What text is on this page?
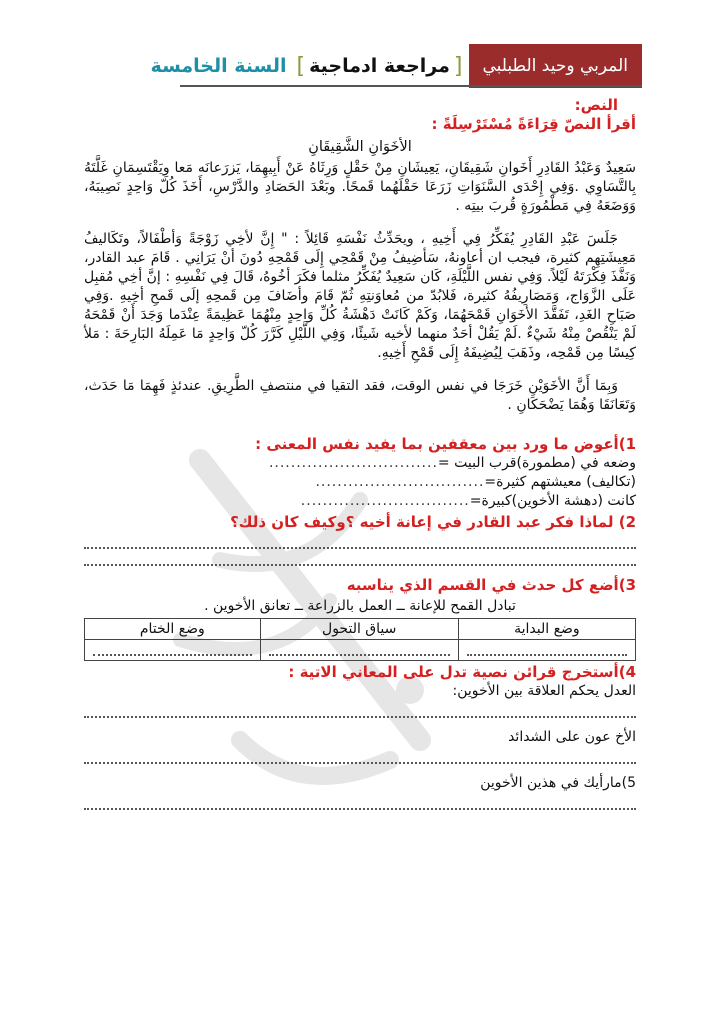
المربي وحيد الطبلبي
[
مراجعة ادماجية
]
السنة الخامسة
النص:
أقرأ النصّ قِرَاءَةً مُسْتَرْسِلَةً :
الأخَوَانِ الشَّقِيقَانِ
سَعِيدٌ وَعَبْدُ القَادِرِ أَخَوانِ شَقِيقَانِ، يَعِيشَانِ مِنْ حَقْلٍ وَرِثَاهُ عَنْ أَبِيهِمَا، يَزرَعانَه مَعا وِيَقْتَسِمَانِ غَلَّتَهُ بِالتَّسَاوِي .وَفِي إِحْدَى السَّنَوَاتِ زَرَعَا حَقْلَهُما قَمحًا. وبَعْدَ الحَصَادِ والدَّرْسِ، أَخَذَ كُلّ وَاحِدٍ نَصِيبَهُ، وَوَضَعَهُ فِي مَطْمُورَةٍ قُربَ بيتِه .
جَلَسَ عَبْدِ القَادِرِ يُفَكِّرُ فِي أَخِيهِ ، ويحَدِّثُ نَفْسَهِ قَائِلاً : " إِنَّ لأخِي زَوْجَةً وَأطْفَالاً، وتَكَاليفُ مَعِيشَتِهِم كثيرة، فيجب ان أعاونهُ، سَأضِيفُ مِنْ قَمْحِي إِلَى قَمْحِهِ دُونَ أنْ يَرَانِي . قَامَ عبد القادر، وَنَفَّذَ فِكْرَتَهُ لَيْلاً. وَفِي نفس اللَّيْلَةِ، كَان سَعِيدٌ يُفَكِّرُ مثلما فكَرَ أخُوهُ، قَالَ فِي نَفْسِهِ : إنَّ أخِي مُقبِل عَلَى الزَّوَاج، وَمَصَارِيفُهُ كثيرة، فَلابُدّ من مُعاوَنتِهِ ثُمّ قَامَ وأضَافَ مِن قَمحِهِ إلَى قَمحِ أخِيهِ .وَفِي صَبَاحِ الغَدِ، تَفَقَّدَ الأخَوَانِ قَمْحَهُمَا، وَكَمْ كَانَتْ دَهْشَةُ كُلِّ وَاحِدٍ مِنْهُمَا عَظِيمَةً عِنْدَما وَجَدَ أَنْ قَمْحَهُ لَمْ يَنْقُصْ مِنْهُ شَيْءٌ .لَمْ يَقُلْ أحَدٌ منهما لأخيه شَيئًا، وَفِي اللَّيْلِ كَرَّرَ كُلّ وَاحِدٍ مَا عَمِلَهُ البَارِحَةَ : مَلأ كِيسًا مِن قَمْحِه، وذَهَبَ لِيُضِيفَهُ إِلَى قَمْحِ أَخِيهِ.
وَبِمَا أَنَّ الأخَوَيْنِ خَرَجَا في نفس الوقت، فقد التقيا في منتصفِ الطَّرِيقِ. عندئذٍ فَهِمَا مَا حَدَث، وَتَعَانَقَا وَهُمَا يَضْحَكَانِ .
1)أعوض ما ورد بين معقفين بما يفيد نفس المعنى :
وضعه في (مطمورة)قرب البيت =
...............................
(تكاليف) معيشتهم كثيرة=
...............................
كانت (دهشة الأخوين)كبيرة=
...............................
2) لماذا فكر عبد القادر في إعانة أخيه ؟وكيف كان ذلك؟
3)أضع كل حدث في القسم الذي يناسبه
تبادل القمح للإعانة ــ العمل بالزراعة ــ تعانق الأخوين .
وضع البداية	سياق التحول	وضع الختام

4)أستخرج قرائن نصية تدل على المعاني الاتية :
العدل يحكم العلاقة بين الأخوين:
الأخ عون على الشدائد
5)مارأيك في هذين الأخوين
